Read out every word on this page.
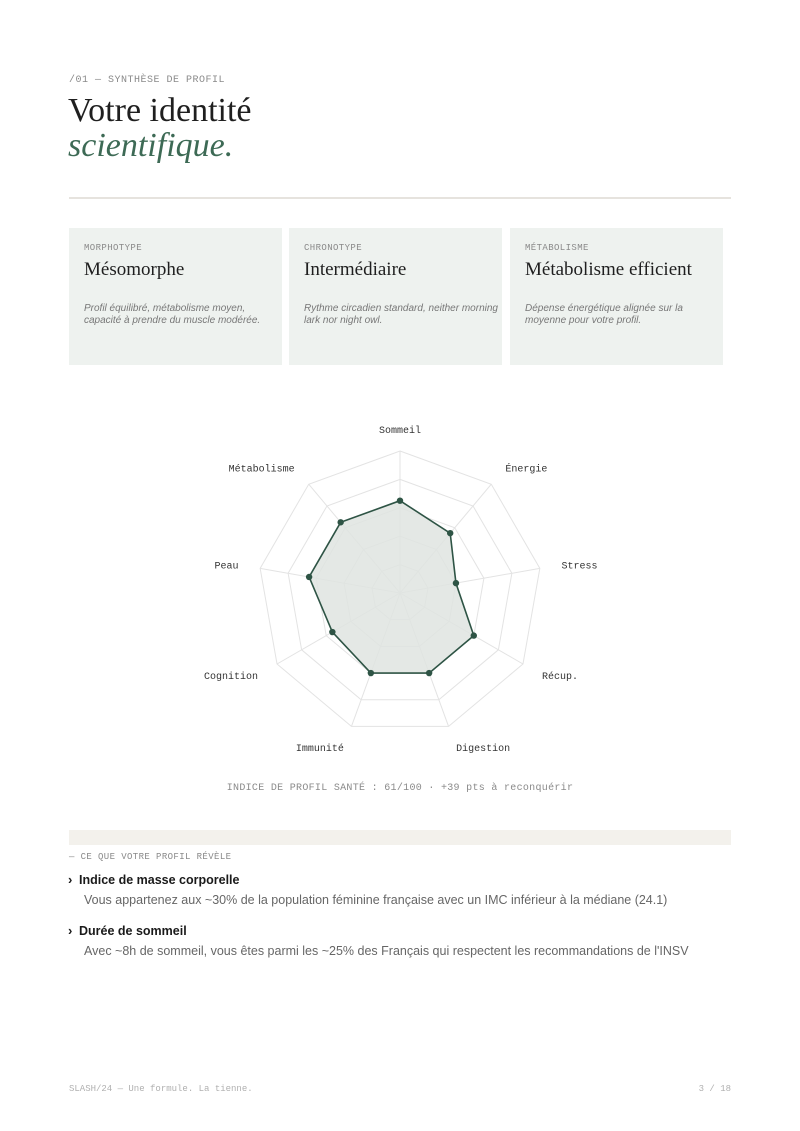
/01 — SYNTHÈSE DE PROFIL
Votre identité
scientifique.
MORPHOTYPE
Mésomorphe
Profil équilibré, métabolisme moyen, capacité à prendre du muscle modérée.
CHRONOTYPE
Intermédiaire
Rythme circadien standard, neither morning lark nor night owl.
MÉTABOLISME
Métabolisme efficient
Dépense énergétique alignée sur la moyenne pour votre profil.
Sommeil
Énergie
Stress
Récup.
Digestion
Immunité
Cognition
Peau
Métabolisme
INDICE DE PROFIL SANTÉ : 61/100 · +39 pts à reconquérir
— CE QUE VOTRE PROFIL RÉVÈLE
› Indice de masse corporelle
Vous appartenez aux ~30% de la population féminine française avec un IMC inférieur à la médiane (24.1)
› Durée de sommeil
Avec ~8h de sommeil, vous êtes parmi les ~25% des Français qui respectent les recommandations de l'INSV
SLASH/24 — Une formule. La tienne.	3 / 18
